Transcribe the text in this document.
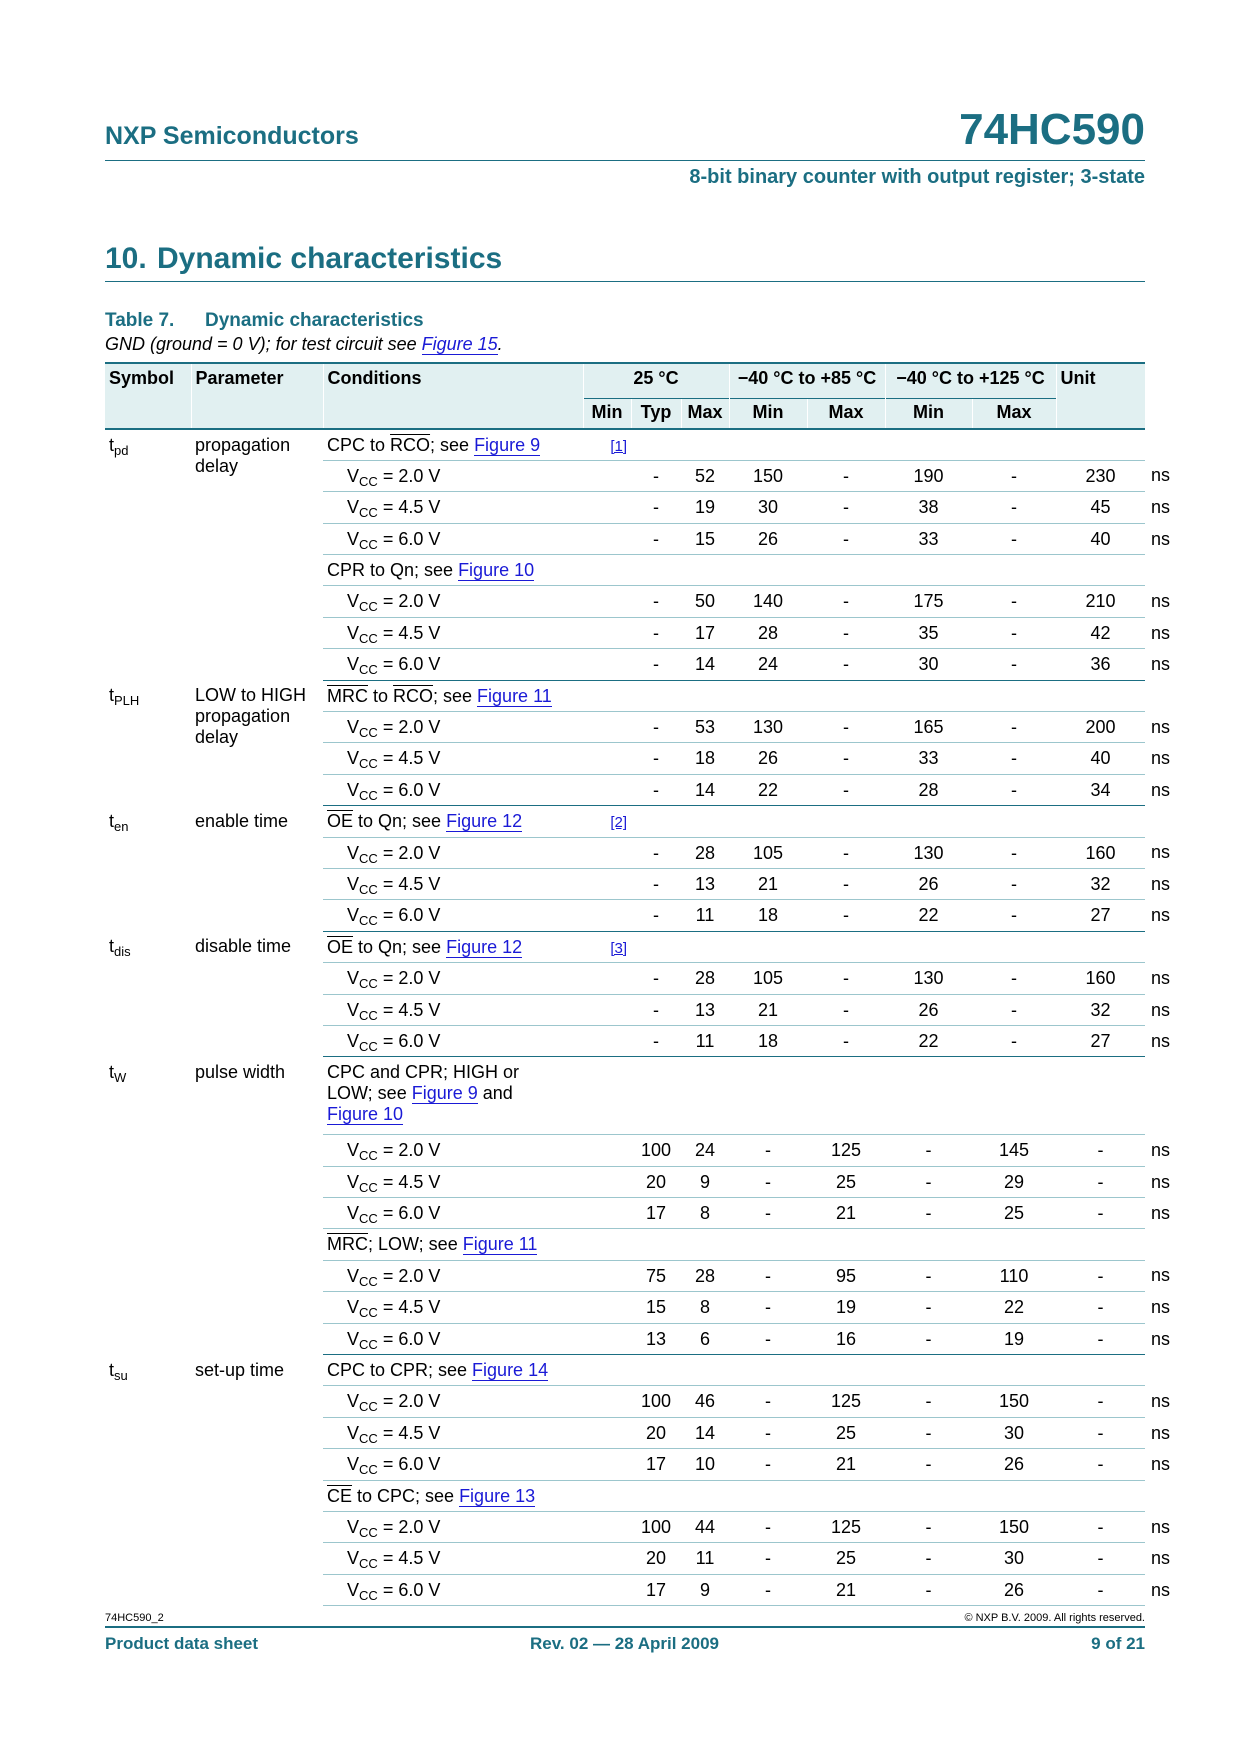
NXP Semiconductors	74HC590
8-bit binary counter with output register; 3-state
10. Dynamic characteristics
Table 7. Dynamic characteristics
GND (ground = 0 V); for test circuit see Figure 15.
Symbol	Parameter	Conditions	25 °C			−40 °C to +85 °C		−40 °C to +125 °C		Unit	
			Min	Typ	Max	Min	Max	Min	Max		
$t_{pd}$	propagation delay	CPC to $\overline{RCO}$; see Figure 9	[1]								
		$V_{CC} = 2.0$ V		-	52	150	-	190	-	230	ns
		$V_{CC} = 4.5$ V		-	19	30	-	38	-	45	ns
		$V_{CC} = 6.0$ V		-	15	26	-	33	-	40	ns
		CPR to Qn; see Figure 10									
		$V_{CC} = 2.0$ V		-	50	140	-	175	-	210	ns
		$V_{CC} = 4.5$ V		-	17	28	-	35	-	42	ns
		$V_{CC} = 6.0$ V		-	14	24	-	30	-	36	ns
$t_{PLH}$	LOW to HIGH propagation delay	$\overline{MRC}$ to $\overline{RCO}$; see Figure 11									
		$V_{CC} = 2.0$ V		-	53	130	-	165	-	200	ns
		$V_{CC} = 4.5$ V		-	18	26	-	33	-	40	ns
		$V_{CC} = 6.0$ V		-	14	22	-	28	-	34	ns
$t_{en}$	enable time	$\overline{OE}$ to Qn; see Figure 12	[2]								
		$V_{CC} = 2.0$ V		-	28	105	-	130	-	160	ns
		$V_{CC} = 4.5$ V		-	13	21	-	26	-	32	ns
		$V_{CC} = 6.0$ V		-	11	18	-	22	-	27	ns
$t_{dis}$	disable time	$\overline{OE}$ to Qn; see Figure 12	[3]								
		$V_{CC} = 2.0$ V		-	28	105	-	130	-	160	ns
		$V_{CC} = 4.5$ V		-	13	21	-	26	-	32	ns
		$V_{CC} = 6.0$ V		-	11	18	-	22	-	27	ns
$t_W$	pulse width	CPC and CPR; HIGH or LOW; see Figure 9 and Figure 10									
		$V_{CC} = 2.0$ V		100	24	-	125	-	145	-	ns
		$V_{CC} = 4.5$ V		20	9	-	25	-	29	-	ns
		$V_{CC} = 6.0$ V		17	8	-	21	-	25	-	ns
		$\overline{MRC}$; LOW; see Figure 11									
		$V_{CC} = 2.0$ V		75	28	-	95	-	110	-	ns
		$V_{CC} = 4.5$ V		15	8	-	19	-	22	-	ns
		$V_{CC} = 6.0$ V		13	6	-	16	-	19	-	ns
$t_{su}$	set-up time	CPC to CPR; see Figure 14									
		$V_{CC} = 2.0$ V		100	46	-	125	-	150	-	ns
		$V_{CC} = 4.5$ V		20	14	-	25	-	30	-	ns
		$V_{CC} = 6.0$ V		17	10	-	21	-	26	-	ns
		$\overline{CE}$ to CPC; see Figure 13									
		$V_{CC} = 2.0$ V		100	44	-	125	-	150	-	ns
		$V_{CC} = 4.5$ V		20	11	-	25	-	30	-	ns
		$V_{CC} = 6.0$ V		17	9	-	21	-	26	-	ns
74HC590_2	© NXP B.V. 2009. All rights reserved.
Product data sheet	Rev. 02 — 28 April 2009	9 of 21
